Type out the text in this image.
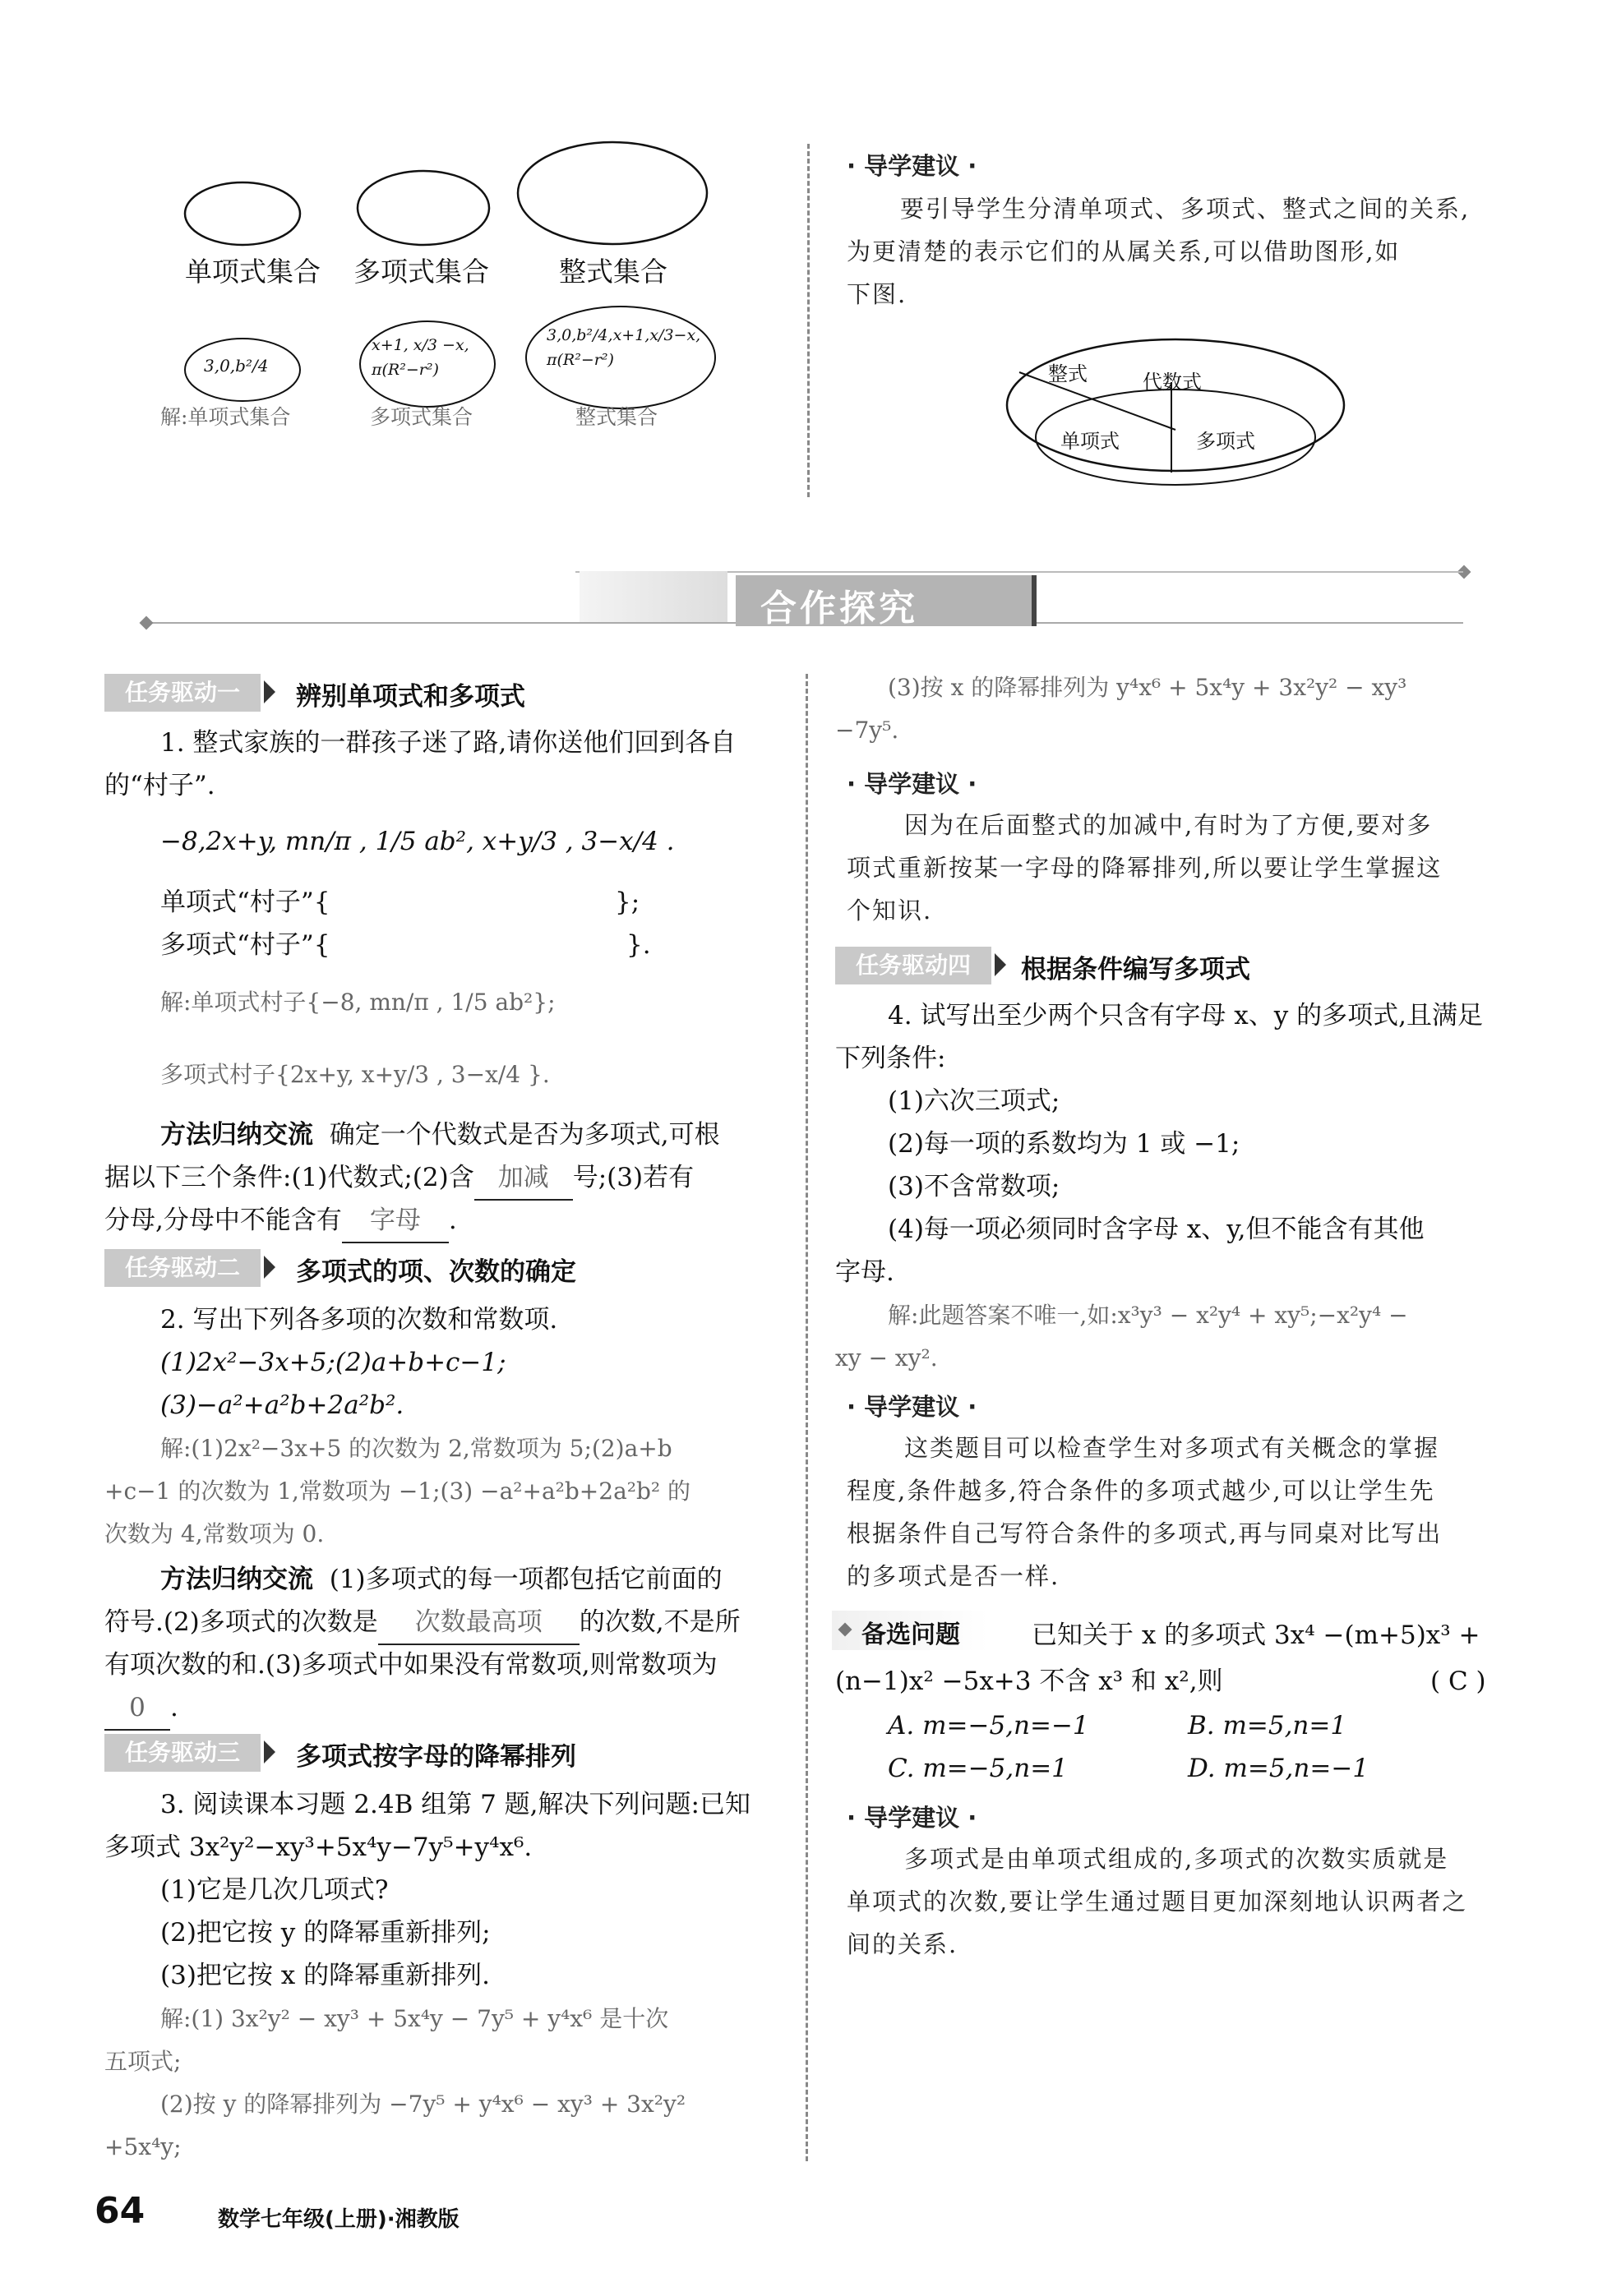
单项式集合 多项式集合	整式集合
3,0,b²/4
x+1, x/3 −x, π(R²−r²)
3,0,b²/4,x+1,x/3−x, π(R²−r²)
解:单项式集合	多项式集合	整式集合
· 导学建议 ·
要引导学生分清单项式、多项式、整式之间的关系,
为更清楚的表示它们的从属关系,可以借助图形,如
下图.
整式	代数式
单项式	多项式
合作探究
任务驱动一	辨别单项式和多项式
1. 整式家族的一群孩子迷了路,请你送他们回到各自
的“村子”.
−8,2x+y, mn/π , 1/5 ab², x+y/3 , 3−x/4 .
单项式“村子”{	};
多项式“村子”{	}.
解:单项式村子{−8, mn/π , 1/5 ab²};
多项式村子{2x+y, x+y/3 , 3−x/4 }.
方法归纳交流 确定一个代数式是否为多项式,可根
据以下三个条件:(1)代数式;(2)含 加减 号;(3)若有
分母,分母中不能含有 字母 .
任务驱动二	多项式的项、次数的确定
2. 写出下列各多项的次数和常数项.
(1)2x²−3x+5;(2)a+b+c−1;
(3)−a²+a²b+2a²b².
解:(1)2x²−3x+5 的次数为 2,常数项为 5;(2)a+b
+c−1 的次数为 1,常数项为 −1;(3) −a²+a²b+2a²b² 的
次数为 4,常数项为 0.
方法归纳交流 (1)多项式的每一项都包括它前面的
符号.(2)多项式的次数是 次数最高项 的次数,不是所
有项次数的和.(3)多项式中如果没有常数项,则常数项为
0 .
任务驱动三	多项式按字母的降幂排列
3. 阅读课本习题 2.4B 组第 7 题,解决下列问题:已知
多项式 3x²y²−xy³+5x⁴y−7y⁵+y⁴x⁶.
(1)它是几次几项式?
(2)把它按 y 的降幂重新排列;
(3)把它按 x 的降幂重新排列.
解:(1) 3x²y² − xy³ + 5x⁴y − 7y⁵ + y⁴x⁶ 是十次
五项式;
(2)按 y 的降幂排列为 −7y⁵ + y⁴x⁶ − xy³ + 3x²y²
+5x⁴y;
(3)按 x 的降幂排列为 y⁴x⁶ + 5x⁴y + 3x²y² − xy³
−7y⁵.
· 导学建议 ·
因为在后面整式的加减中,有时为了方便,要对多
项式重新按某一字母的降幂排列,所以要让学生掌握这
个知识.
任务驱动四	根据条件编写多项式
4. 试写出至少两个只含有字母 x、y 的多项式,且满足
下列条件:
(1)六次三项式;
(2)每一项的系数均为 1 或 −1;
(3)不含常数项;
(4)每一项必须同时含字母 x、y,但不能含有其他
字母.
解:此题答案不唯一,如:x³y³ − x²y⁴ + xy⁵;−x²y⁴ −
xy − xy².
· 导学建议 ·
这类题目可以检查学生对多项式有关概念的掌握
程度,条件越多,符合条件的多项式越少,可以让学生先
根据条件自己写符合条件的多项式,再与同桌对比写出
的多项式是否一样.
备选问题	已知关于 x 的多项式 3x⁴ −(m+5)x³ +
(n−1)x² −5x+3 不含 x³ 和 x²,则	( C )
A. m=−5,n=−1	B. m=5,n=1
C. m=−5,n=1	D. m=5,n=−1
· 导学建议 ·
多项式是由单项式组成的,多项式的次数实质就是
单项式的次数,要让学生通过题目更加深刻地认识两者之
间的关系.
64	数学七年级(上册)·湘教版
